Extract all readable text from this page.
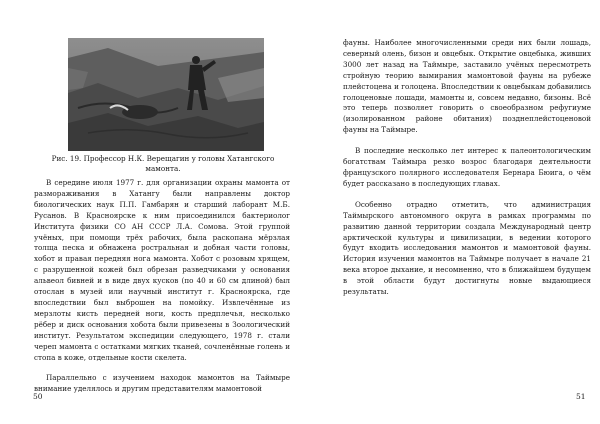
Рис. 19. Профессор Н.К. Верещагин у головы Хатангского мамонта.

В середине июля 1977 г. для организации охраны мамонта от размораживания в Хатангу были направлены доктор биологических наук П.П. Гамбарян и старший лаборант М.Б. Русанов. В Красноярске к ним присоединился бактериолог Института физики СО АН СССР Л.А. Сомова. Этой группой учёных, при помощи трёх рабочих, была раскопана мёрзлая толща песка и обнажена ростральная и добная части головы, хобот и правая передняя нога мамонта. Хобот с розовым хрящем, с разрушенной кожей был обрезан разведчиками у основания альвеол бивней и в виде двух кусков (по 40 и 60 см длиной) был отослан в музей или научный институт г. Красноярска, где впоследствии был выброшен на помойку. Извлечённые из мерзлоты кисть передней ноги, кость предплечья, несколько рёбер и диск основания хобота были привезены в Зоологический институт. Результатом экспедиции следующего, 1978 г. стали череп мамонта с остатками мягких тканей, сочленённые голень и стопа в коже, отдельные кости скелета.

Параллельно с изучением находок мамонтов на Таймыре внимание уделялось и другим представителям мамонтовой

50

фауны. Наиболее многочисленными среди них были лошадь, северный олень, бизон и овцебык. Открытие овцебыка, живших 3000 лет назад на Таймыре, заставило учёных пересмотреть стройную теорию вымирания мамонтовой фауны на рубеже плейстоцена и голоцена. Впоследствии к овцебыкам добавились голоценовые лошади, мамонты и, совсем недавно, бизоны. Всё это теперь позволяет говорить о своеобразном рефугиуме (изолированном районе обитания) позднеплейстоценовой фауны на Таймыре.

В последние несколько лет интерес к палеонтологическим богатствам Таймыра резко возрос благодаря деятельности французского полярного исследователя Бернара Бюига, о чём будет рассказано в последующих главах.

Особенно отрадно отметить, что администрация Таймырского автономного округа в рамках программы по развитию данной территории создала Международный центр арктической культуры и цивилизации, в ведении которого будут входить исследования мамонтов и мамонтовой фауны. История изучения мамонтов на Таймыре получает в начале 21 века второе дыхание, и несомненно, что в ближайшем будущем в этой области будут достигнуты новые выдающиеся результаты.

51
